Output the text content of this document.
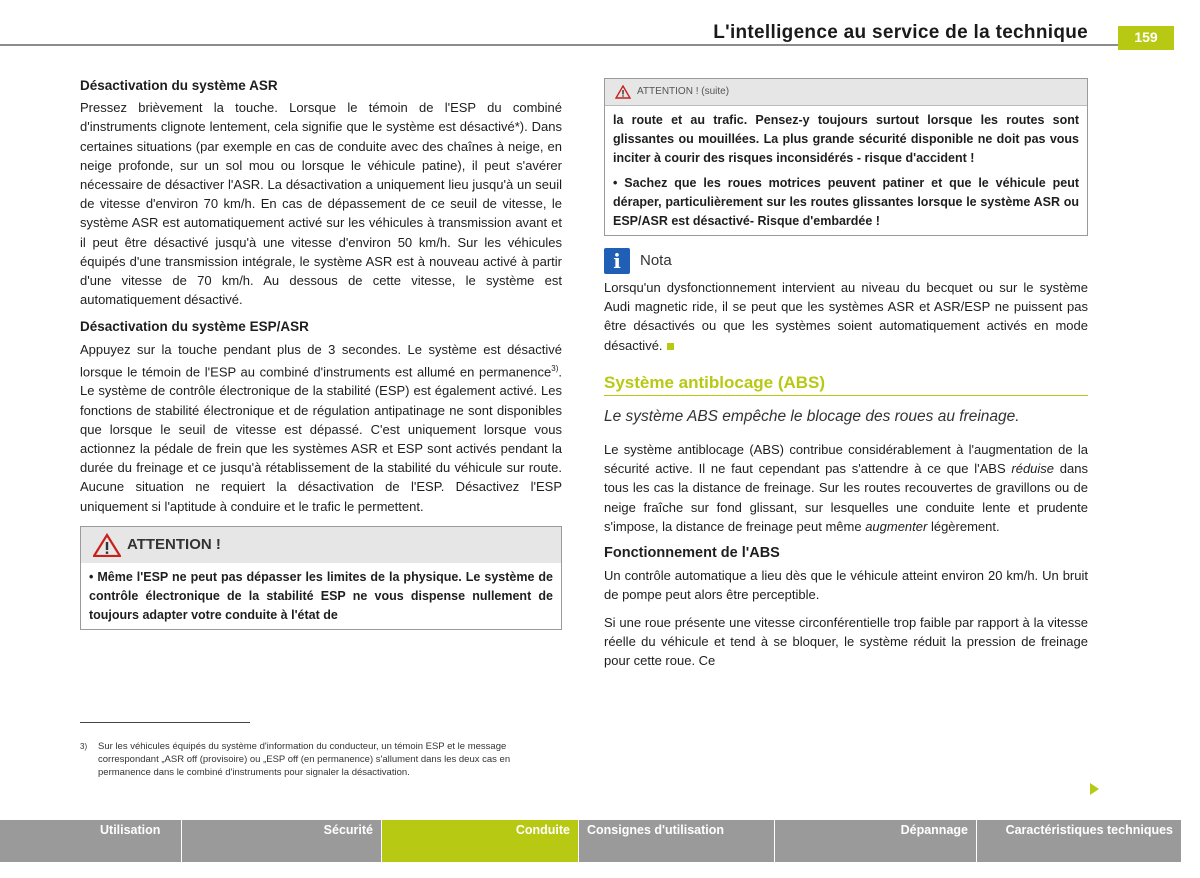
L'intelligence au service de la technique	159
Désactivation du système ASR

Pressez brièvement la touche. Lorsque le témoin de l'ESP du combiné d'instruments clignote lentement, cela signifie que le système est désactivé*). Dans certaines situations (par exemple en cas de conduite avec des chaînes à neige, en neige profonde, sur un sol mou ou lorsque le véhicule patine), il peut s'avérer nécessaire de désactiver l'ASR. La désactivation a uniquement lieu jusqu'à un seuil de vitesse d'environ 70 km/h. En cas de dépassement de ce seuil de vitesse, le système ASR est automatiquement activé sur les véhicules à transmission avant et il peut être désactivé jusqu'à une vitesse d'environ 50 km/h. Sur les véhicules équipés d'une transmission intégrale, le système ASR est à nouveau activé à partir d'une vitesse de 70 km/h. Au dessous de cette vitesse, le système est automatiquement désactivé.

Désactivation du système ESP/ASR

Appuyez sur la touche pendant plus de 3 secondes. Le système est désactivé lorsque le témoin de l'ESP au combiné d'instruments est allumé en permanence$^{3)}$. Le système de contrôle électronique de la stabilité (ESP) est également activé. Les fonctions de stabilité électronique et de régulation antipatinage ne sont disponibles que lorsque le seuil de vitesse est dépassé. C'est uniquement lorsque vous actionnez la pédale de frein que les systèmes ASR et ESP sont activés pendant la durée du freinage et ce jusqu'à rétablissement de la stabilité du véhicule sur route. Aucune situation ne requiert la désactivation de l'ESP. Désactivez l'ESP uniquement si l'aptitude à conduire et le trafic le permettent.

ATTENTION !

• Même l'ESP ne peut pas dépasser les limites de la physique. Le système de contrôle électronique de la stabilité ESP ne vous dispense nullement de toujours adapter votre conduite à l'état de

3)	Sur les véhicules équipés du système d'information du conducteur, un témoin ESP et le message correspondant „ASR off (provisoire) ou „ESP off (en permanence) s'allument dans les deux cas en permanence dans le combiné d'instruments pour signaler la désactivation.
ATTENTION ! (suite)

la route et au trafic. Pensez-y toujours surtout lorsque les routes sont glissantes ou mouillées. La plus grande sécurité disponible ne doit pas vous inciter à courir des risques inconsidérés - risque d'accident !

• Sachez que les roues motrices peuvent patiner et que le véhicule peut déraper, particulièrement sur les routes glissantes lorsque le système ASR ou ESP/ASR est désactivé- Risque d'embardée !

i	Nota

Lorsqu'un dysfonctionnement intervient au niveau du becquet ou sur le système Audi magnetic ride, il se peut que les systèmes ASR et ASR/ESP ne puissent pas être désactivés ou que les systèmes soient automatiquement activés en mode désactivé.

Système antiblocage (ABS)
Le système ABS empêche le blocage des roues au freinage.

Le système antiblocage (ABS) contribue considérablement à l'augmentation de la sécurité active. Il ne faut cependant pas s'attendre à ce que l'ABS réduise dans tous les cas la distance de freinage. Sur les routes recouvertes de gravillons ou de neige fraîche sur fond glissant, sur lesquelles une conduite lente et prudente s'impose, la distance de freinage peut même augmenter légèrement.

Fonctionnement de l'ABS

Un contrôle automatique a lieu dès que le véhicule atteint environ 20 km/h. Un bruit de pompe peut alors être perceptible.

Si une roue présente une vitesse circonférentielle trop faible par rapport à la vitesse réelle du véhicule et tend à se bloquer, le système réduit la pression de freinage pour cette roue. Ce

Utilisation	Sécurité	Conduite	Consignes d'utilisation	Dépannage	Caractéristiques techniques
